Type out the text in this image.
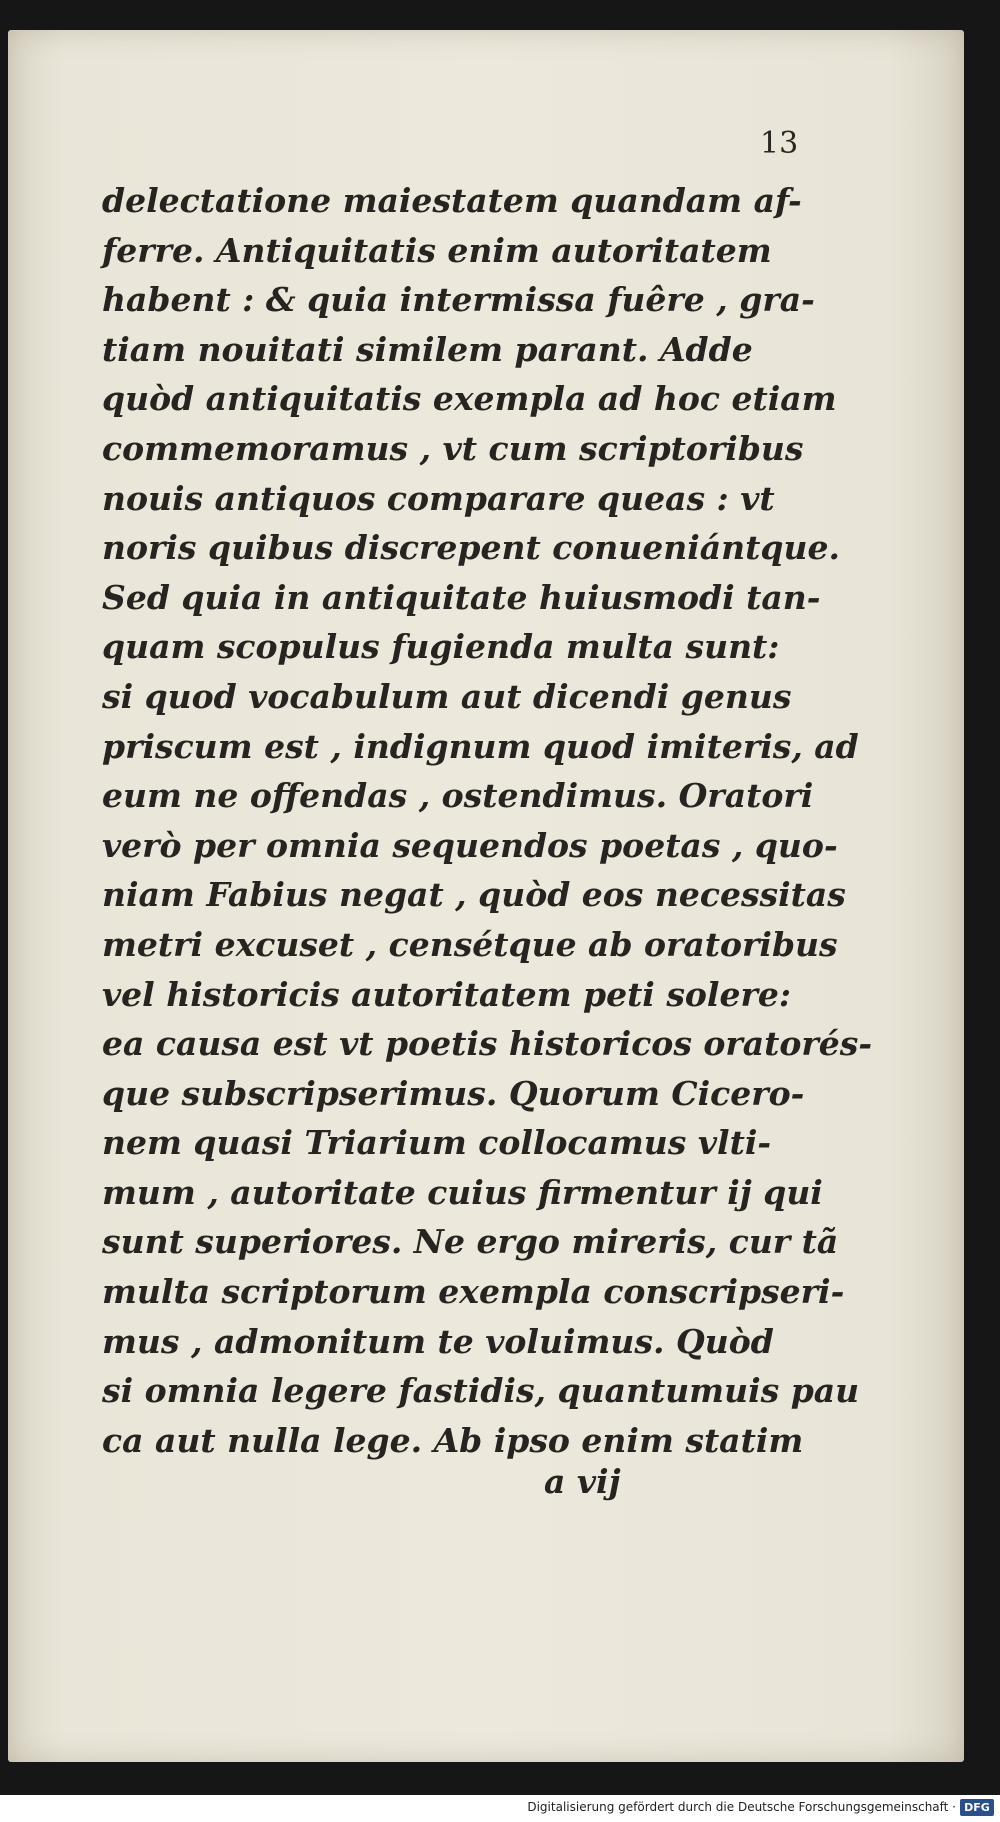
13
delectatione maiestatem quandam af-
ferre. Antiquitatis enim autoritatem
habent : & quia intermissa fuêre , gra-
tiam nouitati similem parant. Adde
quòd antiquitatis exempla ad hoc etiam
commemoramus , vt cum scriptoribus
nouis antiquos comparare queas : vt
noris quibus discrepent conueniántque.
Sed quia in antiquitate huiusmodi tan-
quam scopulus fugienda multa sunt:
si quod vocabulum aut dicendi genus
priscum est , indignum quod imiteris, ad
eum ne offendas , ostendimus. Oratori
verò per omnia sequendos poetas , quo-
niam Fabius negat , quòd eos necessitas
metri excuset , censétque ab oratoribus
vel historicis autoritatem peti solere:
ea causa est vt poetis historicos oratorés-
que subscripserimus. Quorum Cicero-
nem quasi Triarium collocamus vlti-
mum , autoritate cuius firmentur ij qui
sunt superiores. Ne ergo mireris, cur tã
multa scriptorum exempla conscripseri-
mus , admonitum te voluimus. Quòd
si omnia legere fastidis, quantumuis pau
ca aut nulla lege. Ab ipso enim statim
a vij
Digitalisierung gefördert durch die Deutsche Forschungsgemeinschaft · DFG
